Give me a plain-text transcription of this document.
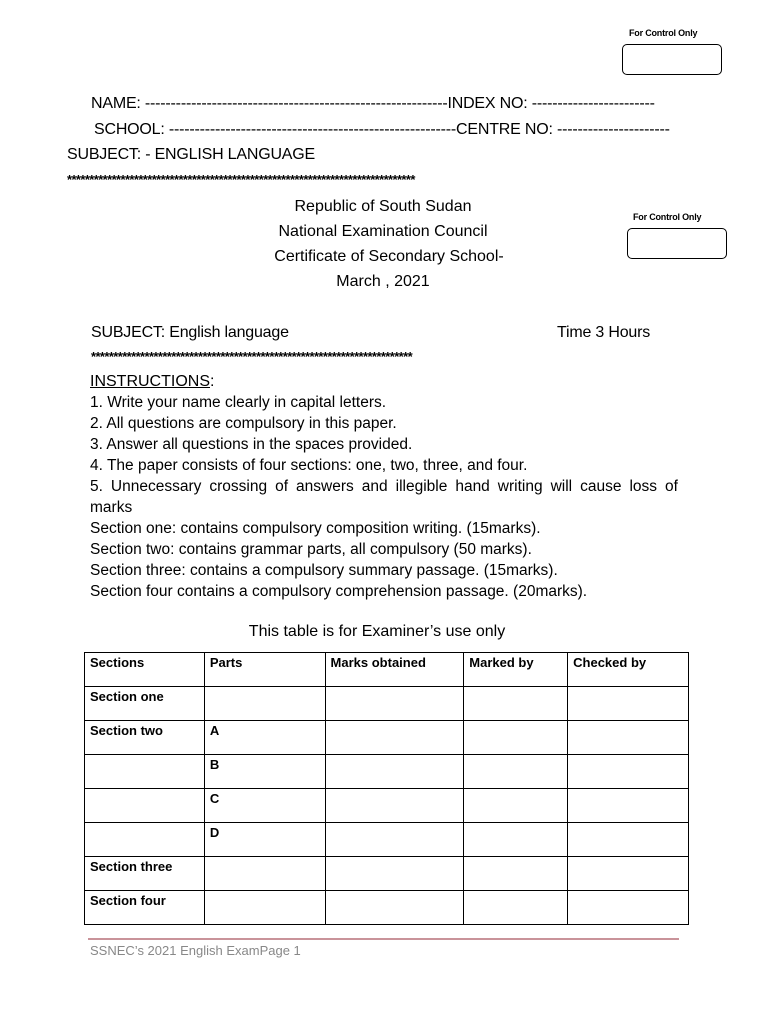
For Control Only
For Control Only
NAME: -----------------------------------------------------------INDEX NO: ------------------------
SCHOOL: --------------------------------------------------------CENTRE NO: ----------------------
SUBJECT: - ENGLISH LANGUAGE
******************************************************************************
Republic of South Sudan
National Examination Council
Certificate of Secondary School-
March , 2021
SUBJECT: English language	Time 3 Hours
************************************************************************
INSTRUCTIONS:
1. Write your name clearly in capital letters.
2. All questions are compulsory in this paper.
3. Answer all questions in the spaces provided.
4. The paper consists of four sections: one, two, three, and four.
5. Unnecessary crossing of answers and illegible hand writing will cause loss of marks
Section one: contains compulsory composition writing. (15marks).
Section two: contains grammar parts, all compulsory (50 marks).
Section three: contains a compulsory summary passage. (15marks).
Section four contains a compulsory comprehension passage. (20marks).
This table is for Examiner’s use only
Sections	Parts	Marks obtained	Marked by	Checked by
Section one				
Section two	A			
	B			
	C			
	D			
Section three				
Section four				
SSNEC’s 2021 English ExamPage 1
